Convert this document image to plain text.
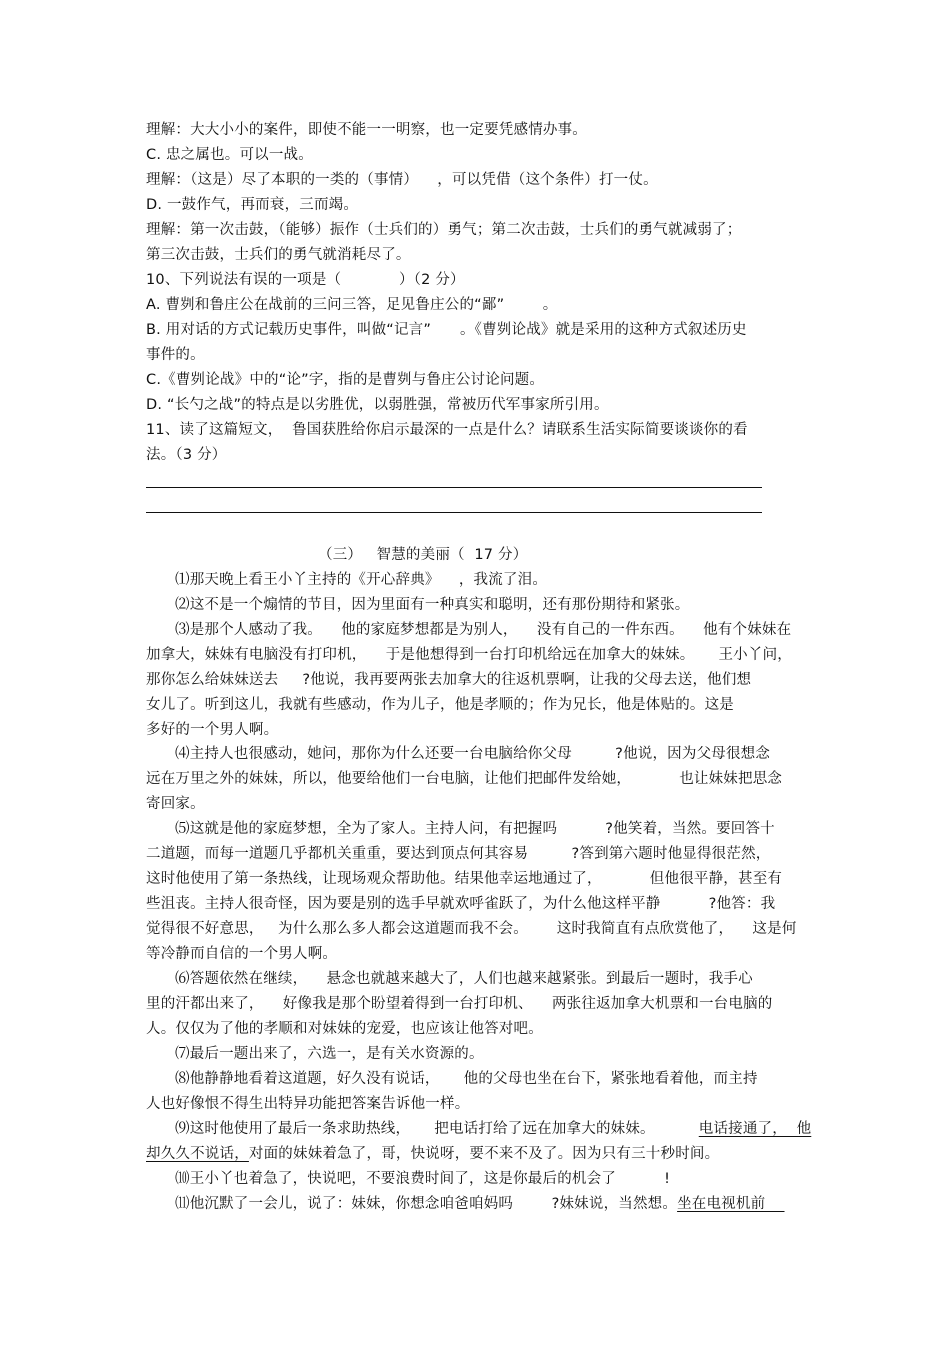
理解：大大小小的案件，即使不能一一明察，也一定要凭感情办事。
C. 忠之属也。可以一战。
理解：（这是）尽了本职的一类的（事情）    ，可以凭借（这个条件）打一仗。
D. 一鼓作气，再而衰，三而竭。
理解：第一次击鼓，（能够）振作（士兵们的）勇气；第二次击鼓，士兵们的勇气就减弱了；
第三次击鼓，士兵们的勇气就消耗尽了。
10、下列说法有误的一项是（            ）（2 分）
A. 曹刿和鲁庄公在战前的三问三答，足见鲁庄公的“鄙”        。
B. 用对话的方式记载历史事件，叫做“记言”      。《曹刿论战》就是采用的这种方式叙述历史
事件的。
C.《曹刿论战》中的“论”字，指的是曹刿与鲁庄公讨论问题。
D. “长勺之战”的特点是以劣胜优，以弱胜强，常被历代军事家所引用。
11、读了这篇短文，  鲁国获胜给你启示最深的一点是什么？请联系生活实际简要谈谈你的看
法。（3 分）
（三）   智慧的美丽（  17 分）
⑴那天晚上看王小丫主持的《开心辞典》    ，我流了泪。
⑵这不是一个煽情的节目，因为里面有一种真实和聪明，还有那份期待和紧张。
⑶是那个人感动了我。    他的家庭梦想都是为别人，    没有自己的一件东西。    他有个妹妹在
加拿大，妹妹有电脑没有打印机，    于是他想得到一台打印机给远在加拿大的妹妹。     王小丫问，
那你怎么给妹妹送去     ?他说，我再要两张去加拿大的往返机票啊，让我的父母去送，他们想
女儿了。听到这儿，我就有些感动，作为儿子，他是孝顺的；作为兄长，他是体贴的。这是
多好的一个男人啊。
⑷主持人也很感动，她问，那你为什么还要一台电脑给你父母         ?他说，因为父母很想念
远在万里之外的妹妹，所以，他要给他们一台电脑，让他们把邮件发给她，          也让妹妹把思念
寄回家。
⑸这就是他的家庭梦想，全为了家人。主持人问，有把握吗          ?他笑着，当然。要回答十
二道题，而每一道题几乎都机关重重，要达到顶点何其容易         ?答到第六题时他显得很茫然，
这时他使用了第一条热线，让现场观众帮助他。结果他幸运地通过了，          但他很平静，甚至有
些沮丧。主持人很奇怪，因为要是别的选手早就欢呼雀跃了，为什么他这样平静          ?他答：我
觉得很不好意思，   为什么那么多人都会这道题而我不会。      这时我简直有点欣赏他了，    这是何
等冷静而自信的一个男人啊。
⑹答题依然在继续，    悬念也就越来越大了，人们也越来越紧张。到最后一题时，我手心
里的汗都出来了，    好像我是那个盼望着得到一台打印机、    两张往返加拿大机票和一台电脑的
人。仅仅为了他的孝顺和对妹妹的宠爱，也应该让他答对吧。
⑺最后一题出来了，六选一，是有关水资源的。
⑻他静静地看着这道题，好久没有说话，     他的父母也坐在台下，紧张地看着他，而主持
人也好像恨不得生出特异功能把答案告诉他一样。
⑼这时他使用了最后一条求助热线，     把电话打给了远在加拿大的妹妹。	电话接通了，  他
却久久不说话，对面的妹妹着急了，哥，快说呀，要不来不及了。因为只有三十秒时间。
⑽王小丫也着急了，快说吧，不要浪费时间了，这是你最后的机会了          !
⑾他沉默了一会儿，说了：妹妹，你想念咱爸咱妈吗        ?妹妹说，当然想。坐在电视机前
